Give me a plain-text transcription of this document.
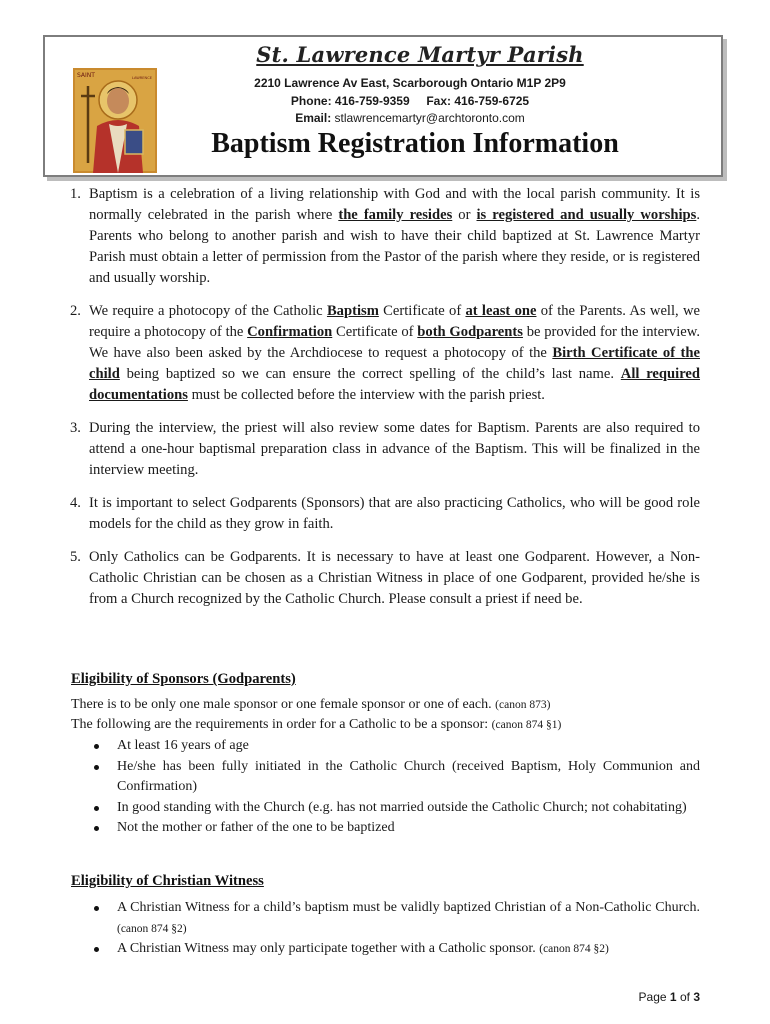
SAINT	LAWRENCE
St. Lawrence Martyr Parish
2210 Lawrence Av East, Scarborough Ontario M1P 2P9
Phone: 416-759-9359 Fax: 416-759-6725
Email: stlawrencemartyr@archtoronto.com
Baptism Registration Information
1. Baptism is a celebration of a living relationship with God and with the local parish community. It is normally celebrated in the parish where the family resides or is registered and usually worships. Parents who belong to another parish and wish to have their child baptized at St. Lawrence Martyr Parish must obtain a letter of permission from the Pastor of the parish where they reside, or is registered and usually worship.
2. We require a photocopy of the Catholic Baptism Certificate of at least one of the Parents. As well, we require a photocopy of the Confirmation Certificate of both Godparents be provided for the interview. We have also been asked by the Archdiocese to request a photocopy of the Birth Certificate of the child being baptized so we can ensure the correct spelling of the child’s last name. All required documentations must be collected before the interview with the parish priest.
3. During the interview, the priest will also review some dates for Baptism. Parents are also required to attend a one-hour baptismal preparation class in advance of the Baptism. This will be finalized in the interview meeting.
4. It is important to select Godparents (Sponsors) that are also practicing Catholics, who will be good role models for the child as they grow in faith.
5. Only Catholics can be Godparents. It is necessary to have at least one Godparent. However, a Non-Catholic Christian can be chosen as a Christian Witness in place of one Godparent, provided he/she is from a Church recognized by the Catholic Church. Please consult a priest if need be.
Eligibility of Sponsors (Godparents)
There is to be only one male sponsor or one female sponsor or one of each. (canon 873)
The following are the requirements in order for a Catholic to be a sponsor: (canon 874 §1)
At least 16 years of age
He/she has been fully initiated in the Catholic Church (received Baptism, Holy Communion and Confirmation)
In good standing with the Church (e.g. has not married outside the Catholic Church; not cohabitating)
Not the mother or father of the one to be baptized
Eligibility of Christian Witness
A Christian Witness for a child’s baptism must be validly baptized Christian of a Non-Catholic Church. (canon 874 §2)
A Christian Witness may only participate together with a Catholic sponsor. (canon 874 §2)
Page 1 of 3
